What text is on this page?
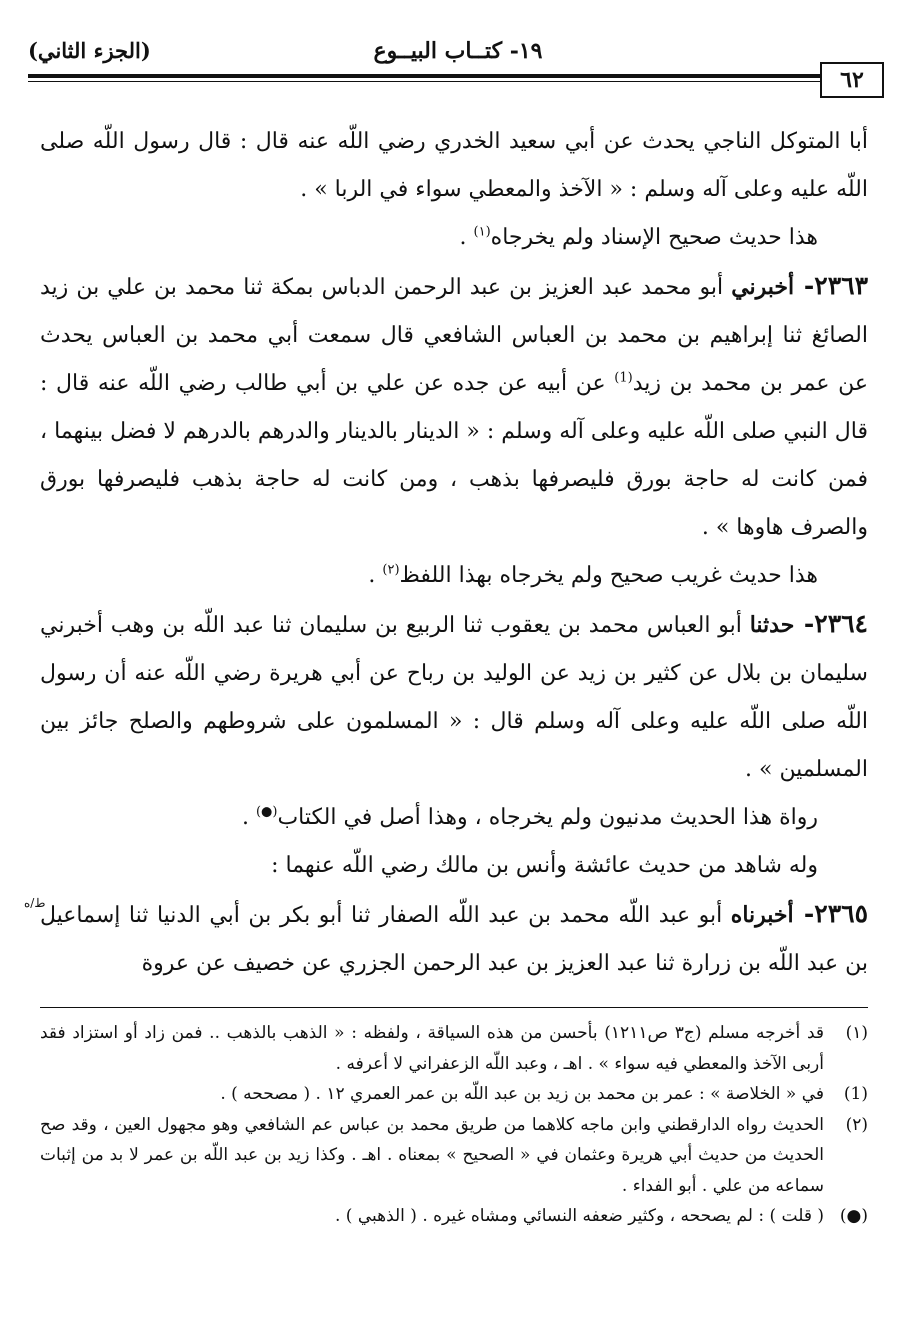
١٩- كتــاب البيــوع
(الجزء الثاني)
٦٢

أبا المتوكل الناجي يحدث عن أبي سعيد الخدري رضي اللّه عنه قال : قال رسول اللّه صلى اللّه عليه وعلى آله وسلم : « الآخذ والمعطي سواء في الربا » .

هذا حديث صحيح الإسناد ولم يخرجاه$^{(١)}$ .

٢٣٦٣- أخبرني أبو محمد عبد العزيز بن عبد الرحمن الدباس بمكة ثنا محمد بن علي بن زيد الصائغ ثنا إبراهيم بن محمد بن العباس الشافعي قال سمعت أبي محمد بن العباس يحدث عن عمر بن محمد بن زيد$^{(1)}$ عن أبيه عن جده عن علي بن أبي طالب رضي اللّه عنه قال : قال النبي صلى اللّه عليه وعلى آله وسلم : « الدينار بالدينار والدرهم بالدرهم لا فضل بينهما ، فمن كانت له حاجة بورق فليصرفها بذهب ، ومن كانت له حاجة بذهب فليصرفها بورق والصرف هاوها » .

هذا حديث غريب صحيح ولم يخرجاه بهذا اللفظ$^{(٢)}$ .

٢٣٦٤- حدثنا أبو العباس محمد بن يعقوب ثنا الربيع بن سليمان ثنا عبد اللّه بن وهب أخبرني سليمان بن بلال عن كثير بن زيد عن الوليد بن رباح عن أبي هريرة رضي اللّه عنه أن رسول اللّه صلى اللّه عليه وعلى آله وسلم قال : « المسلمون على شروطهم والصلح جائز بين المسلمين » .

رواة هذا الحديث مدنيون ولم يخرجاه ، وهذا أصل في الكتاب(●) .

وله شاهد من حديث عائشة وأنس بن مالك رضي اللّه عنهما :

٢٣٦٥- أخبرناه أبو عبد اللّه محمد بن عبد اللّه الصفار ثنا أبو بكر بن أبي الدنيا ثنا إسماعيل بن عبد اللّه بن زرارة ثنا عبد العزيز بن عبد الرحمن الجزري عن خصيف عن عروة

ط/ه
(١)
قد أخرجه مسلم (ج٣ ص١٢١١) بأحسن من هذه السياقة ، ولفظه : « الذهب بالذهب .. فمن زاد أو استزاد فقد أربى الآخذ والمعطي فيه سواء » . اهـ ، وعبد اللّه الزعفراني لا أعرفه .
(1)
في « الخلاصة » : عمر بن محمد بن زيد بن عبد اللّه بن عمر العمري ١٢ . ( مصححه ) .
(٢)
الحديث رواه الدارقطني وابن ماجه كلاهما من طريق محمد بن عباس عم الشافعي وهو مجهول العين ، وقد صح الحديث من حديث أبي هريرة وعثمان في « الصحيح » بمعناه . اهـ . وكذا زيد بن عبد اللّه بن عمر لا بد من إثبات سماعه من علي . أبو الفداء .
(●)
( قلت ) : لم يصححه ، وكثير ضعفه النسائي ومشاه غيره . ( الذهبي ) .
